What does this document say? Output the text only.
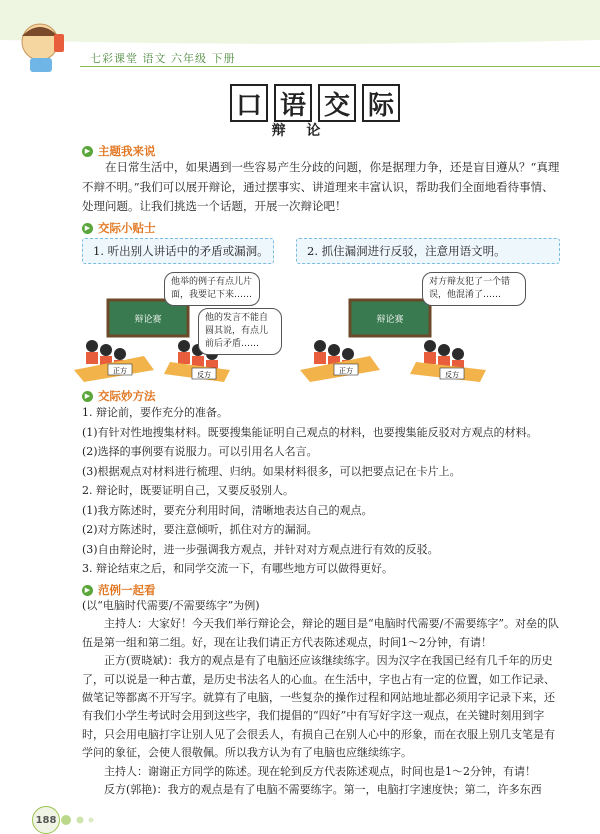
七彩课堂 语文 六年级 下册
口 语 交 际
辩 论
▶ 主题我来说
在日常生活中，如果遇到一些容易产生分歧的问题，你是据理力争，还是盲目遵从？“真理不辩不明。”我们可以展开辩论，通过摆事实、讲道理来丰富认识，帮助我们全面地看待事情、处理问题。让我们挑选一个话题，开展一次辩论吧！
▶ 交际小贴士
1. 听出别人讲话中的矛盾或漏洞。	2. 抓住漏洞进行反驳，注意用语文明。
辩论赛
正方	反方
他举的例子有点儿片面，我要记下来……
他的发言不能自圆其说，有点儿前后矛盾……
辩论赛
正方	反方
对方辩友犯了一个错误，他混淆了……
▶ 交际妙方法

1. 辩论前，要作充分的准备。

(1)有针对性地搜集材料。既要搜集能证明自己观点的材料，也要搜集能反驳对方观点的材料。

(2)选择的事例要有说服力。可以引用名人名言。

(3)根据观点对材料进行梳理、归纳。如果材料很多，可以把要点记在卡片上。

2. 辩论时，既要证明自己，又要反驳别人。

(1)我方陈述时，要充分利用时间，清晰地表达自己的观点。

(2)对方陈述时，要注意倾听，抓住对方的漏洞。

(3)自由辩论时，进一步强调我方观点，并针对对方观点进行有效的反驳。

3. 辩论结束之后，和同学交流一下，有哪些地方可以做得更好。

▶ 范例一起看

(以“电脑时代需要/不需要练字”为例)

主持人：大家好！今天我们举行辩论会，辩论的题目是“电脑时代需要/不需要练字”。对垒的队伍是第一组和第二组。好，现在让我们请正方代表陈述观点，时间1～2分钟，有请！

正方(贾晓斌)：我方的观点是有了电脑还应该继续练字。因为汉字在我国已经有几千年的历史了，可以说是一种古董，是历史书法名人的心血。在生活中，字也占有一定的位置，如工作记录、做笔记等都离不开写字。就算有了电脑，一些复杂的操作过程和网站地址都必须用字记录下来，还有我们小学生考试时会用到这些字，我们提倡的“四好”中有写好字这一观点，在关键时刻用到字时，只会用电脑打字让别人见了会很丢人，有损自己在别人心中的形象，而在衣服上别几支笔是有学问的象征，会使人很敬佩。所以我方认为有了电脑也应继续练字。

主持人：谢谢正方同学的陈述。现在轮到反方代表陈述观点，时间也是1～2分钟，有请！

反方(郭艳)：我方的观点是有了电脑不需要练字。第一，电脑打字速度快；第二，许多东西

188
